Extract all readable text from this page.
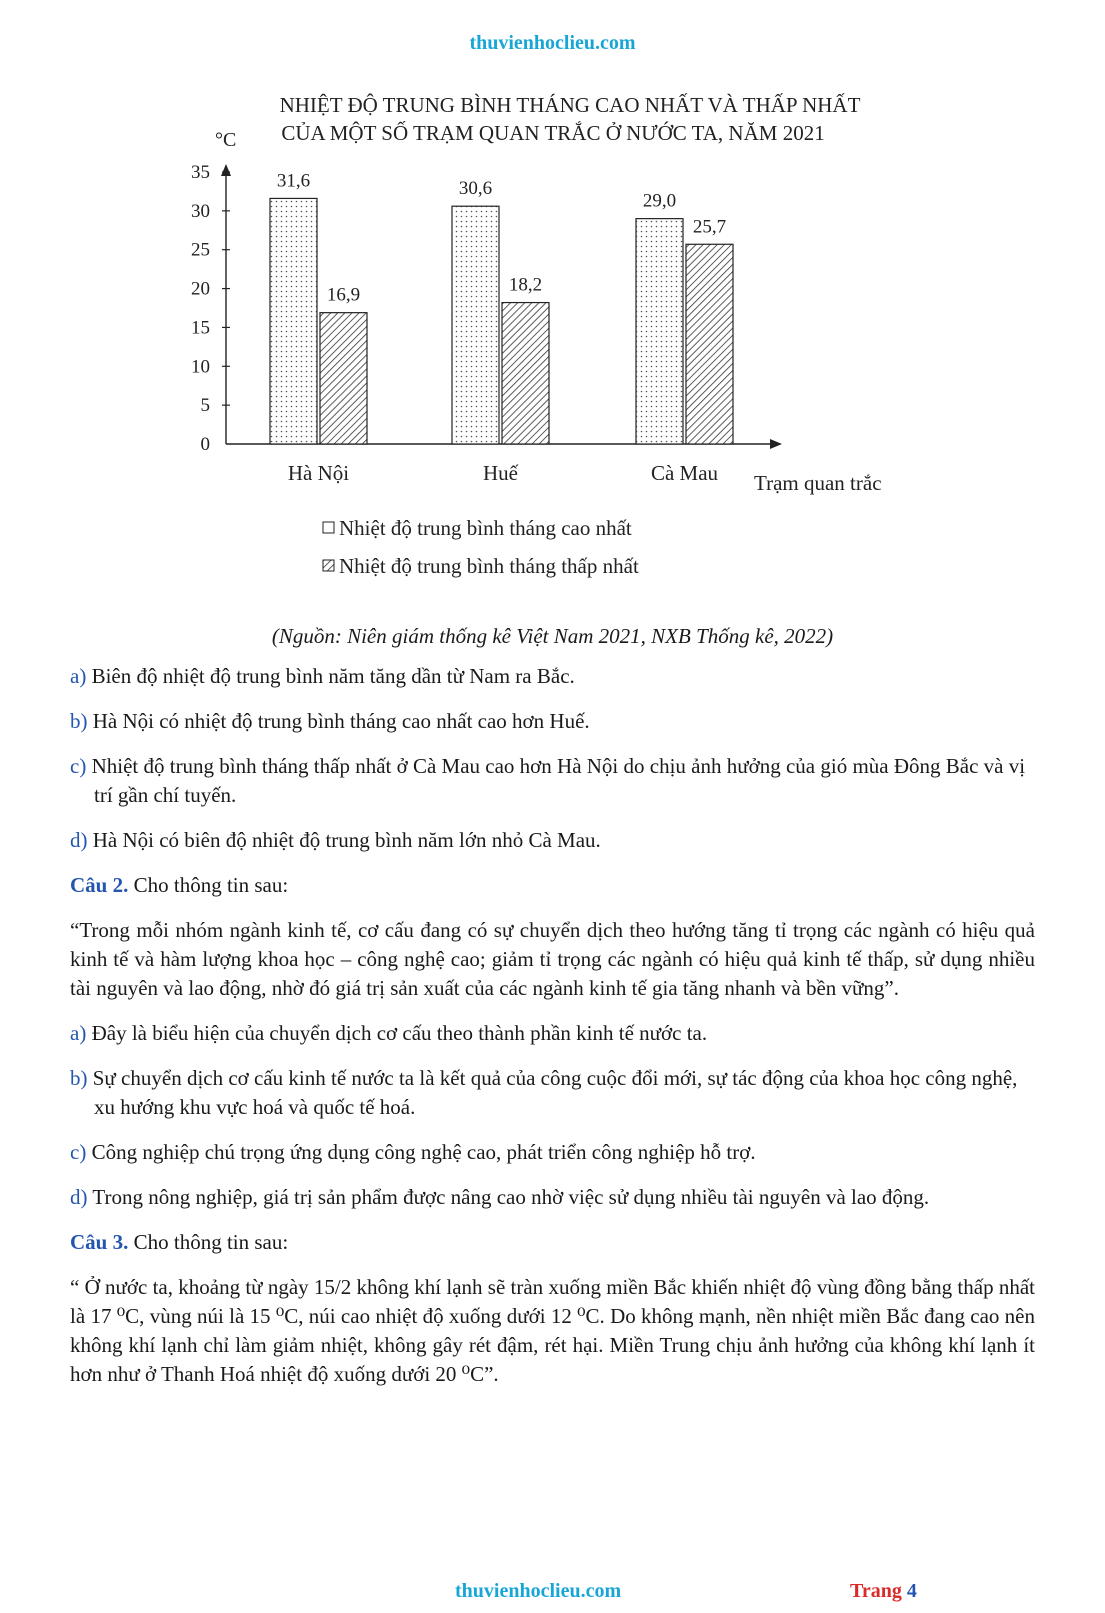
thuvienhoclieu.com
NHIỆT ĐỘ TRUNG BÌNH THÁNG CAO NHẤT VÀ THẤP NHẤT
CỦA MỘT SỐ TRẠM QUAN TRẮC Ở NƯỚC TA, NĂM 2021
°C
0
5
10
15
20
25
30
35	31,6
16,9
Hà Nội
30,6
18,2
Huế
29,0
25,7
Cà Mau Trạm quan trắc
Nhiệt độ trung bình tháng cao nhất
Nhiệt độ trung bình tháng thấp nhất
(Nguồn: Niên giám thống kê Việt Nam 2021, NXB Thống kê, 2022)

a) Biên độ nhiệt độ trung bình năm tăng dần từ Nam ra Bắc.

b) Hà Nội có nhiệt độ trung bình tháng cao nhất cao hơn Huế.

c) Nhiệt độ trung bình tháng thấp nhất ở Cà Mau cao hơn Hà Nội do chịu ảnh hưởng của gió mùa Đông Bắc và vị trí gần chí tuyến.

d) Hà Nội có biên độ nhiệt độ trung bình năm lớn nhỏ Cà Mau.

Câu 2. Cho thông tin sau:

“Trong mỗi nhóm ngành kinh tế, cơ cấu đang có sự chuyển dịch theo hướng tăng tỉ trọng các ngành có hiệu quả kinh tế và hàm lượng khoa học – công nghệ cao; giảm tỉ trọng các ngành có hiệu quả kinh tế thấp, sử dụng nhiều tài nguyên và lao động, nhờ đó giá trị sản xuất của các ngành kinh tế gia tăng nhanh và bền vững”.

a) Đây là biểu hiện của chuyển dịch cơ cấu theo thành phần kinh tế nước ta.

b) Sự chuyển dịch cơ cấu kinh tế nước ta là kết quả của công cuộc đổi mới, sự tác động của khoa học công nghệ, xu hướng khu vực hoá và quốc tế hoá.

c) Công nghiệp chú trọng ứng dụng công nghệ cao, phát triển công nghiệp hỗ trợ.

d) Trong nông nghiệp, giá trị sản phẩm được nâng cao nhờ việc sử dụng nhiều tài nguyên và lao động.

Câu 3. Cho thông tin sau:

“ Ở nước ta, khoảng từ ngày 15/2 không khí lạnh sẽ tràn xuống miền Bắc khiến nhiệt độ vùng đồng bằng thấp nhất là 17 ⁰C, vùng núi là 15 ⁰C, núi cao nhiệt độ xuống dưới 12 ⁰C. Do không mạnh, nền nhiệt miền Bắc đang cao nên không khí lạnh chỉ làm giảm nhiệt, không gây rét đậm, rét hại. Miền Trung chịu ảnh hưởng của không khí lạnh ít hơn như ở Thanh Hoá nhiệt độ xuống dưới 20 ⁰C”.

thuvienhoclieu.com	Trang 4
